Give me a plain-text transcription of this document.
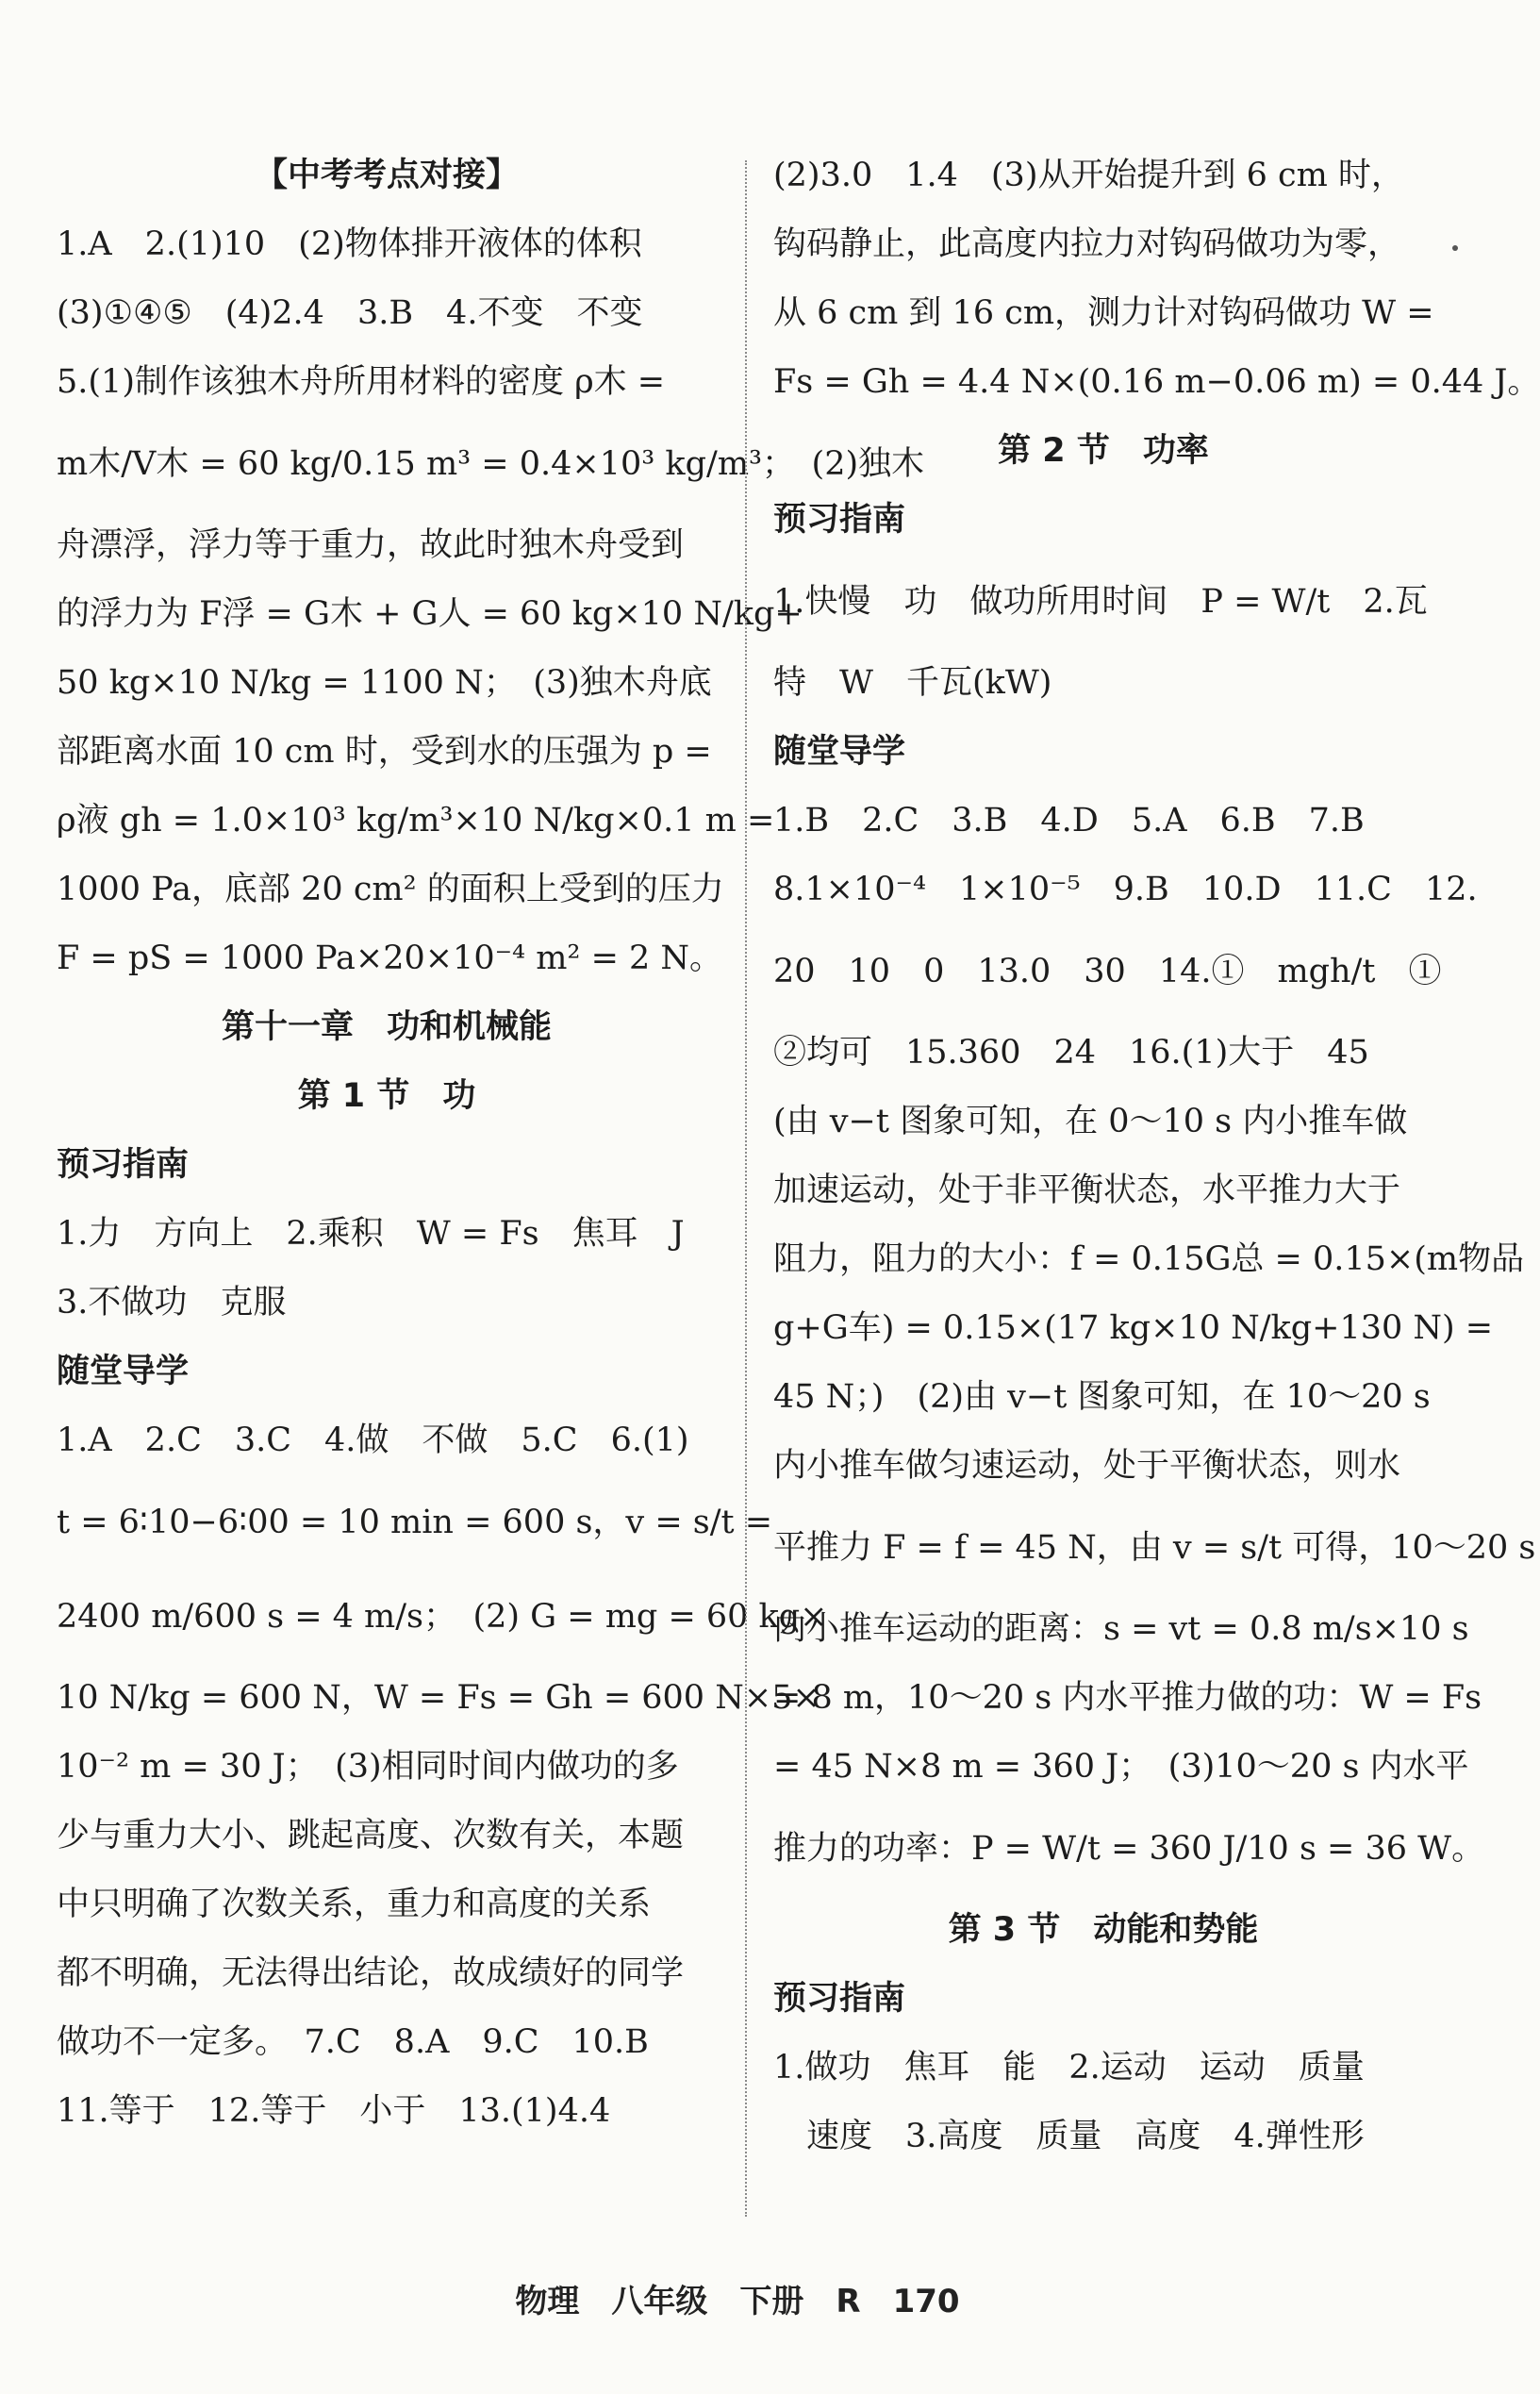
【中考考点对接】
1.A　2.(1)10　(2)物体排开液体的体积
(3)①④⑤　(4)2.4　3.B　4.不变　不变
5.(1)制作该独木舟所用材料的密度 ρ木 =
m木/V木 = 60 kg/0.15 m³ = 0.4×10³ kg/m³；　(2)独木
舟漂浮，浮力等于重力，故此时独木舟受到
的浮力为 F浮 = G木 + G人 = 60 kg×10 N/kg+
50 kg×10 N/kg = 1100 N；　(3)独木舟底
部距离水面 10 cm 时，受到水的压强为 p =
ρ液 gh = 1.0×10³ kg/m³×10 N/kg×0.1 m =
1000 Pa，底部 20 cm² 的面积上受到的压力
F = pS = 1000 Pa×20×10⁻⁴ m² = 2 N。
第十一章　功和机械能
第 1 节　功
预习指南
1.力　方向上　2.乘积　W = Fs　焦耳　J
3.不做功　克服
随堂导学
1.A　2.C　3.C　4.做　不做　5.C　6.(1)
t = 6∶10−6∶00 = 10 min = 600 s，v = s/t =
2400 m/600 s = 4 m/s；　(2) G = mg = 60 kg×
10 N/kg = 600 N，W = Fs = Gh = 600 N×5×
10⁻² m = 30 J；　(3)相同时间内做功的多
少与重力大小、跳起高度、次数有关，本题
中只明确了次数关系，重力和高度的关系
都不明确，无法得出结论，故成绩好的同学
做功不一定多。　7.C　8.A　9.C　10.B
11.等于　12.等于　小于　13.(1)4.4
(2)3.0　1.4　(3)从开始提升到 6 cm 时，
钩码静止，此高度内拉力对钩码做功为零，
从 6 cm 到 16 cm，测力计对钩码做功 W =
Fs = Gh = 4.4 N×(0.16 m−0.06 m) = 0.44 J。
第 2 节　功率
预习指南
1.快慢　功　做功所用时间　P = W/t　2.瓦
特　W　千瓦(kW)
随堂导学
1.B　2.C　3.B　4.D　5.A　6.B　7.B
8.1×10⁻⁴　1×10⁻⁵　9.B　10.D　11.C　12.
20　10　0　13.0　30　14.①　mgh/t　①
②均可　15.360　24　16.(1)大于　45
(由 v−t 图象可知，在 0～10 s 内小推车做
加速运动，处于非平衡状态，水平推力大于
阻力，阻力的大小：f = 0.15G总 = 0.15×(m物品
g+G车) = 0.15×(17 kg×10 N/kg+130 N) =
45 N；)　(2)由 v−t 图象可知，在 10～20 s
内小推车做匀速运动，处于平衡状态，则水
平推力 F = f = 45 N，由 v = s/t 可得，10～20 s
内小推车运动的距离：s = vt = 0.8 m/s×10 s
= 8 m，10～20 s 内水平推力做的功：W = Fs
= 45 N×8 m = 360 J；　(3)10～20 s 内水平
推力的功率：P = W/t = 360 J/10 s = 36 W。
第 3 节　动能和势能
预习指南
1.做功　焦耳　能　2.运动　运动　质量
　速度　3.高度　质量　高度　4.弹性形
物理　八年级　下册　R　170
